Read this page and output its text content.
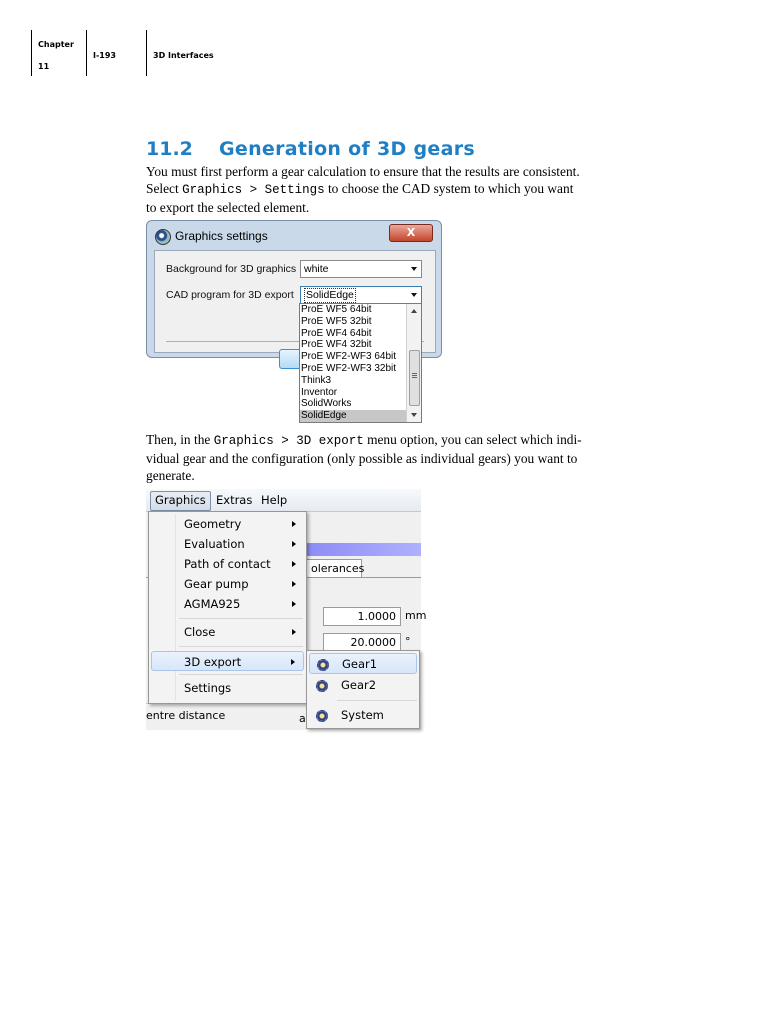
Chapter
11
I-193	3D Interfaces
11.2 Generation of 3D gears
You must first perform a gear calculation to ensure that the results are consistent.
Select Graphics > Settings to choose the CAD system to which you want
to export the selected element.
Graphics settings	X
Background for 3D graphics white
CAD program for 3D export	SolidEdge
ProE WF5 64bit
ProE WF5 32bit
ProE WF4 64bit
ProE WF4 32bit
ProE WF2-WF3 64bit
ProE WF2-WF3 32bit
Think3
Inventor
SolidWorks
SolidEdge
Then, in the Graphics > 3D export menu option, you can select which indi-
vidual gear and the configuration (only possible as individual gears) you want to
generate.
Graphics Extras Help
olerances
1.0000 mm
20.0000 °
entre distance	a
Geometry
Evaluation
Path of contact
Gear pump
AGMA925
Close
3D export
Settings
Gear1
Gear2
System
